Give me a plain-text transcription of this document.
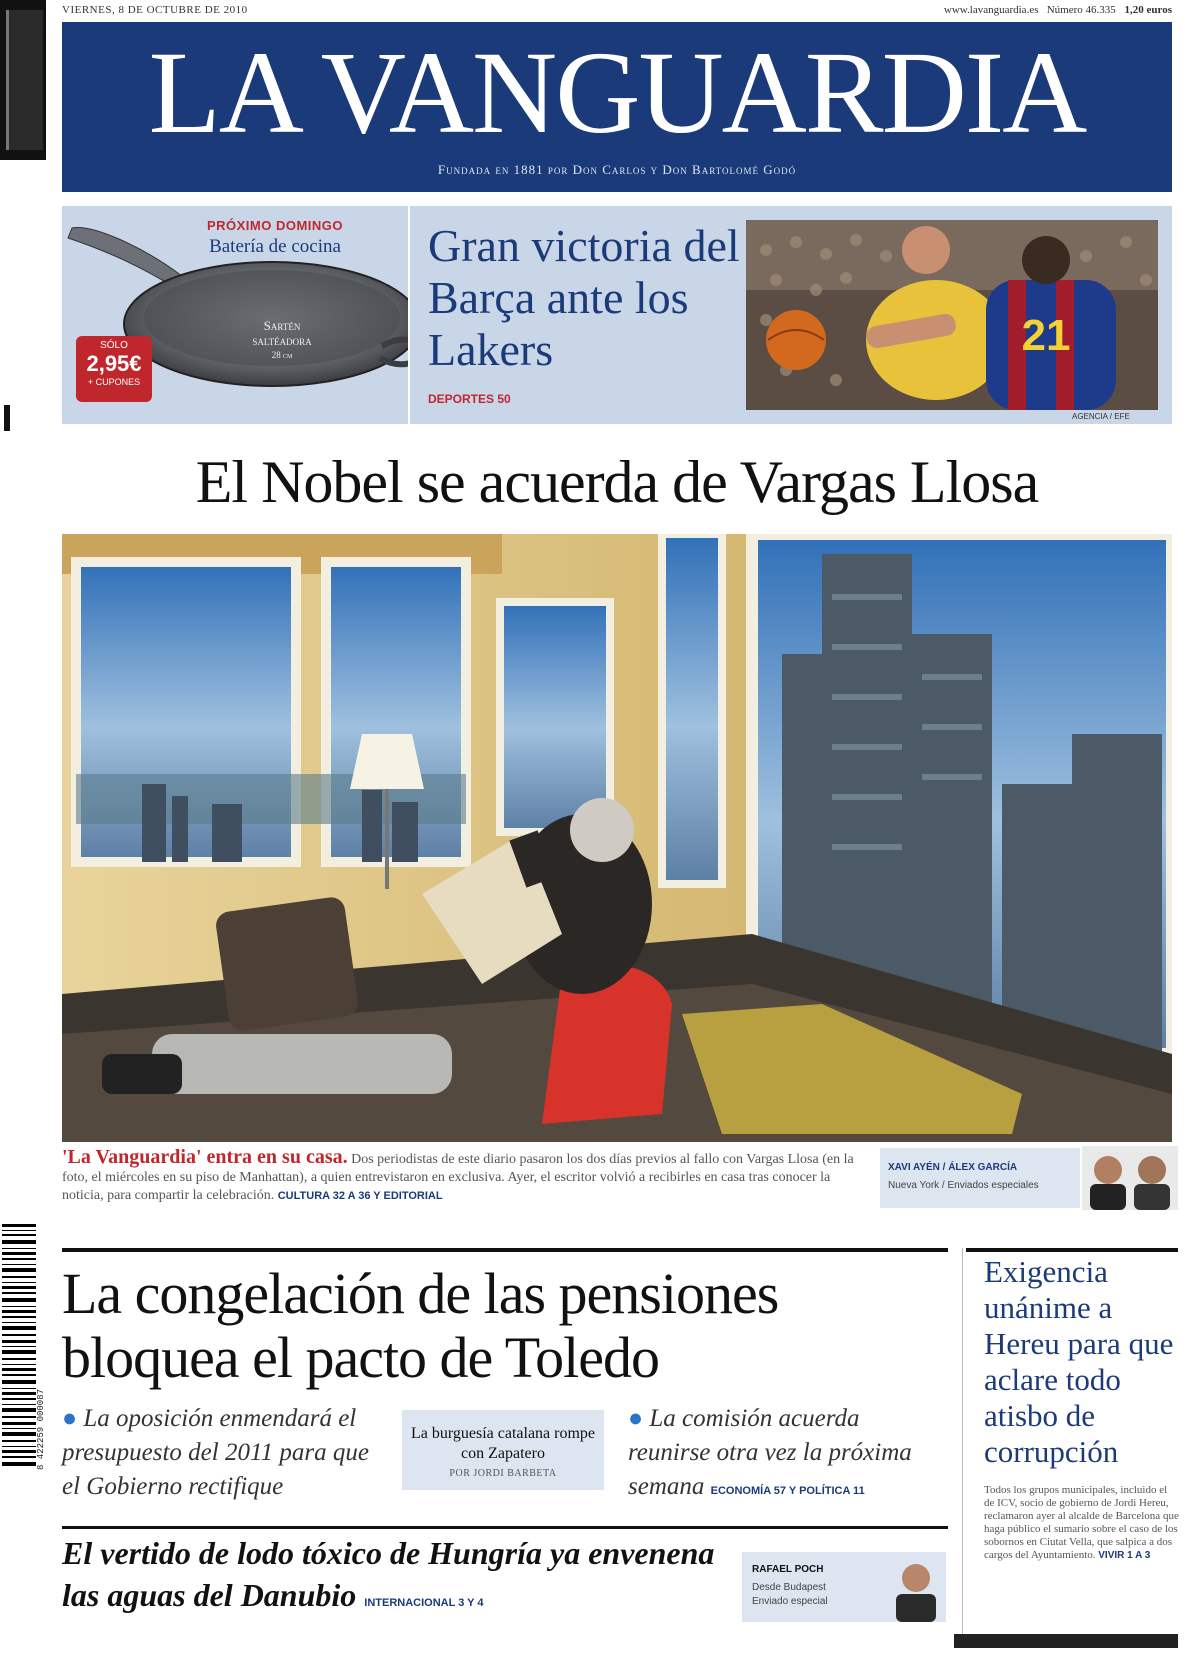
VIERNES, 8 DE OCTUBRE DE 2010	www.lavanguardia.es Número 46.335 1,20 euros
LA VANGUARDIA
Fundada en 1881 por Don Carlos y Don Bartolomé Godó
PRÓXIMO DOMINGO
Batería de cocina
Sartén
saltéadora
28 cm
SÓLO
2,95€
+ CUPONES
Gran victoria del Barça ante los Lakers
DEPORTES 50
21
AGENCIA / EFE
El Nobel se acuerda de Vargas Llosa
'La Vanguardia' entra en su casa. Dos periodistas de este diario pasaron los dos días previos al fallo con Vargas Llosa (en la foto, el miércoles en su piso de Manhattan), a quien entrevistaron en exclusiva. Ayer, el escritor volvió a recibirles en casa tras conocer la noticia, para compartir la celebración. CULTURA 32 A 36 Y EDITORIAL
XAVI AYÉN / ÁLEX GARCÍA
Nueva York / Enviados especiales
8 422259 000087
La congelación de las pensiones bloquea el pacto de Toledo
● La oposición enmendará el presupuesto del 2011 para que el Gobierno rectifique
La burguesía catalana rompe con Zapatero
POR JORDI BARBETA
● La comisión acuerda reunirse otra vez la próxima semana ECONOMÍA 57 Y POLÍTICA 11
Exigencia unánime a Hereu para que aclare todo atisbo de corrupción
Todos los grupos municipales, incluido el de ICV, socio de gobierno de Jordi Hereu, reclamaron ayer al alcalde de Barcelona que haga público el sumario sobre el caso de los sobornos en Ciutat Vella, que salpica a dos cargos del Ayuntamiento. VIVIR 1 A 3
El vertido de lodo tóxico de Hungría ya envenena las aguas del Danubio INTERNACIONAL 3 Y 4
RAFAEL POCH
Desde Budapest
Enviado especial
